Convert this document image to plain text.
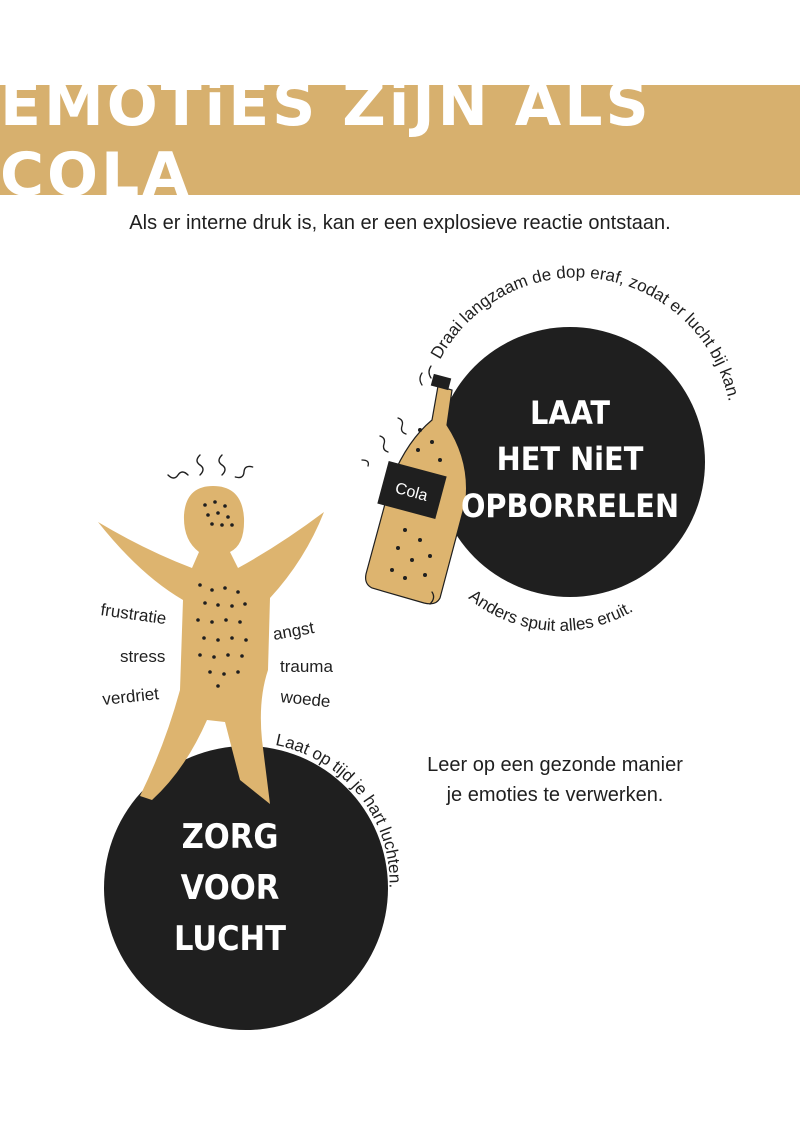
EMOTiES ZiJN ALS COLA
Als er interne druk is, kan er een explosieve reactie ontstaan.
Draai langzaam de dop eraf, zodat er lucht bij kan.
Anders spuit alles eruit.
Laat op tijd je hart luchten.
Cola
frustratie
stress
verdriet
angst
trauma
woede
LAAT
HET NiET
OPBORRELEN
ZORG
VOOR
LUCHT
Leer op een gezonde manier
je emoties te verwerken.
